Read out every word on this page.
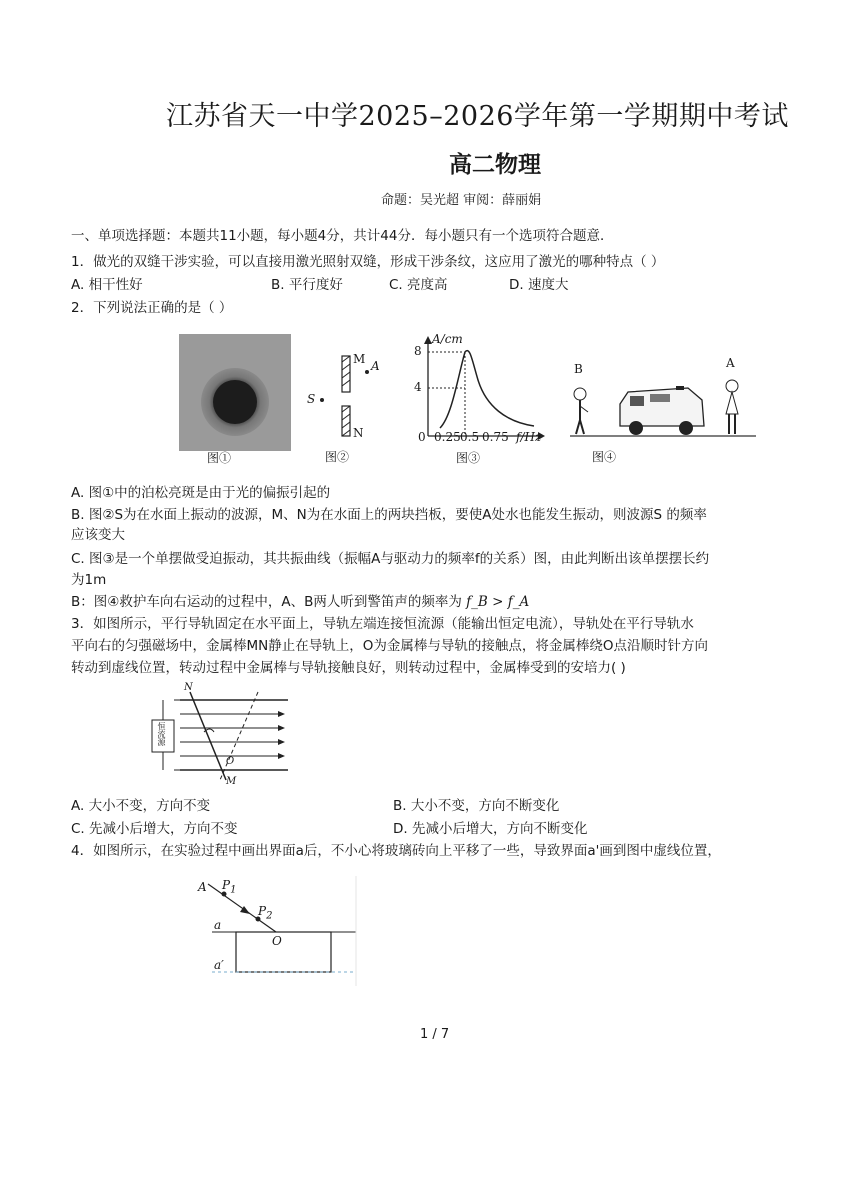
江苏省天一中学2025–2026学年第一学期期中考试
高二物理
命题：吴光超 审阅：薛丽娟
一、单项选择题：本题共11小题，每小题4分，共计44分．每小题只有一个选项符合题意．
1．做光的双缝干涉实验，可以直接用激光照射双缝，形成干涉条纹，这应用了激光的哪种特点（ ）
A. 相干性好	B. 平行度好	C. 亮度高	D. 速度大
2．下列说法正确的是（ ）
图①
S
M A
N
图②
A/cm
8
4
0 0.25 0.5 0.75 f/Hz
图③
B	A
图④
A. 图①中的泊松亮斑是由于光的偏振引起的
B. 图②S为在水面上振动的波源，M、N为在水面上的两块挡板，要使A处水也能发生振动，则波源S 的频率
应该变大
C. 图③是一个单摆做受迫振动，其共振曲线（振幅A与驱动力的频率f的关系）图，由此判断出该单摆摆长约
为1m
B：图④救护车向右运动的过程中，A、B两人听到警笛声的频率为 f_B > f_A
3．如图所示，平行导轨固定在水平面上，导轨左端连接恒流源（能输出恒定电流），导轨处在平行导轨水
平向右的匀强磁场中，金属棒MN静止在导轨上，O为金属棒与导轨的接触点，将金属棒绕O点沿顺时针方向
转动到虚线位置，转动过程中金属棒与导轨接触良好，则转动过程中，金属棒受到的安培力( )
N
M
O
恒流源
A. 大小不变，方向不变	B. 大小不变，方向不断变化
C. 先减小后增大，方向不变	D. 先减小后增大，方向不断变化
4．如图所示，在实验过程中画出界面a后，不小心将玻璃砖向上平移了一些，导致界面a'画到图中虚线位置，
A $P_1$
$P_2$
a
O
a′
1 / 7
